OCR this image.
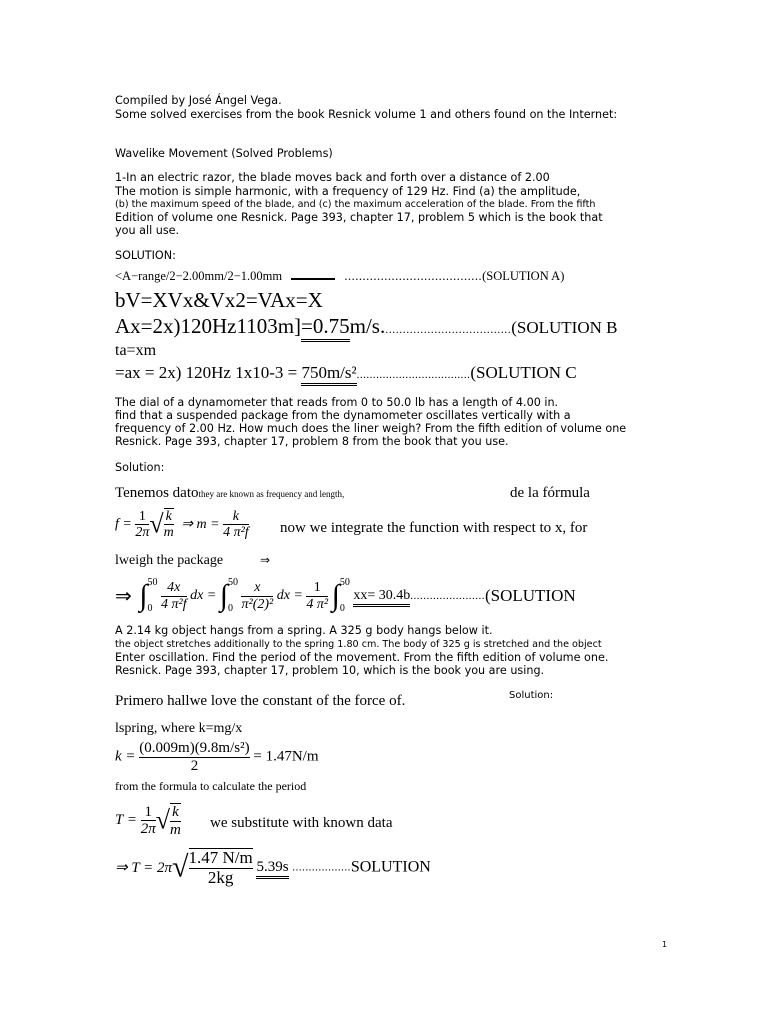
Compiled by José Ángel Vega.
Some solved exercises from the book Resnick volume 1 and others found on the Internet:
Wavelike Movement (Solved Problems)
1-In an electric razor, the blade moves back and forth over a distance of 2.00
The motion is simple harmonic, with a frequency of 129 Hz. Find (a) the amplitude,
(b) the maximum speed of the blade, and (c) the maximum acceleration of the blade. From the fifth
Edition of volume one Resnick. Page 393, chapter 17, problem 5 which is the book that
you all use.
SOLUTION:
<A−range/2−2.00mm/2−1.00mm	......................................(SOLUTION A)
bV=XVx&Vx2=VAx=X
Ax=2x)120Hz1103m]=0.75m/s.....................................(SOLUTION B
ta=xm
=ax = 2x) 120Hz 1x10-3 = 750m/s²...................................(SOLUTION C
The dial of a dynamometer that reads from 0 to 50.0 lb has a length of 4.00 in.
find that a suspended package from the dynamometer oscillates vertically with a
frequency of 2.00 Hz. How much does the liner weigh? From the fifth edition of volume one
Resnick. Page 393, chapter 17, problem 8 from the book that you use.
Solution:
Tenemos datothey are known as frequency and length,	de la fórmula
$f = \frac{1}{2\pi}$ √ $\frac{k}{m}$ ⇒ $m = \frac{k}{\text{4 π²f}}$ now we integrate the function with respect to x, for
lweigh the package	⇒
⇒ ∫ 50
0
$\frac{4x}{\text{4 π²f}}$ dx = ∫ 50
0
$\frac{x}{\text{π²(2)²}}$ dx = $\frac{1}{\text{4 π²}}$ ∫ 50
0
xx= 30.4b.......................(SOLUTION
A 2.14 kg object hangs from a spring. A 325 g body hangs below it.
the object stretches additionally to the spring 1.80 cm. The body of 325 g is stretched and the object
Enter oscillation. Find the period of the movement. From the fifth edition of volume one.
Resnick. Page 393, chapter 17, problem 10, which is the book you are using.
Primero hallwe love the constant of the force of.	Solution:
lspring, where k=mg/x
$k = \frac{\text{(0.009m)(9.8m/s²)}}{2} = 1.47N/m$
from the formula to calculate the period
$T = \frac{1}{2\pi}$ √ $\frac{k}{m}$ we substitute with known data
⇒ $T = 2\pi√ \frac{1.47 N/m}{2kg} 5.39s$ ..................SOLUTION
1
